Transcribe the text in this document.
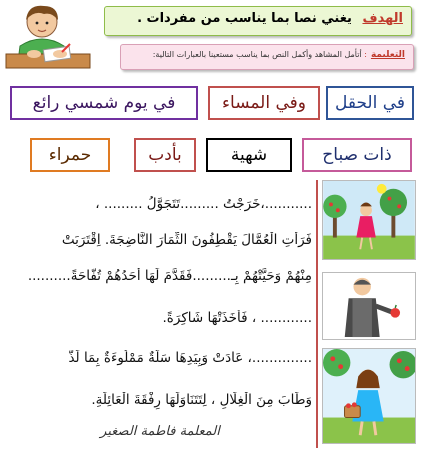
الهدف يغني نصا بما يناسب من مفردات .
التعليمة: أتأمل المشاهد وأكمل النص بما يناسب مستعينا بالعبارات التالية:
في الحقل
وفي المساء
في يوم شمسي رائع
ذات صباح
شهية
بأدب
حمراء
...........،خَرَجْتُ .........تَتَجَوَّلُ ......... ،
فَرَأَتِ الْعُمَّالَ يَقْطِفُونَ الثِّمَارَ النَّاضِجَةَ. اِقْتَرَبَتْ
مِنْهُمْ وَحَيَّتْهُمْ بِـ.........فَقَدَّمَ لَهَا أَحَدُهُمْ تُفَّاحَةً..........
............ ، فَأَخَذَتْهَا شَاكِرَةً.
..............، عَادَتْ وَبِيَدِهَا سَلَّةٌ مَمْلُوءَةٌ بِمَا لَذَّ
وَطَابَ مِنَ الْغِلَالِ ، لِتَتَنَاوَلَهَا رِفْقَةَ الْعَائِلَةِ.
المعلمة فاطمة الصغير
